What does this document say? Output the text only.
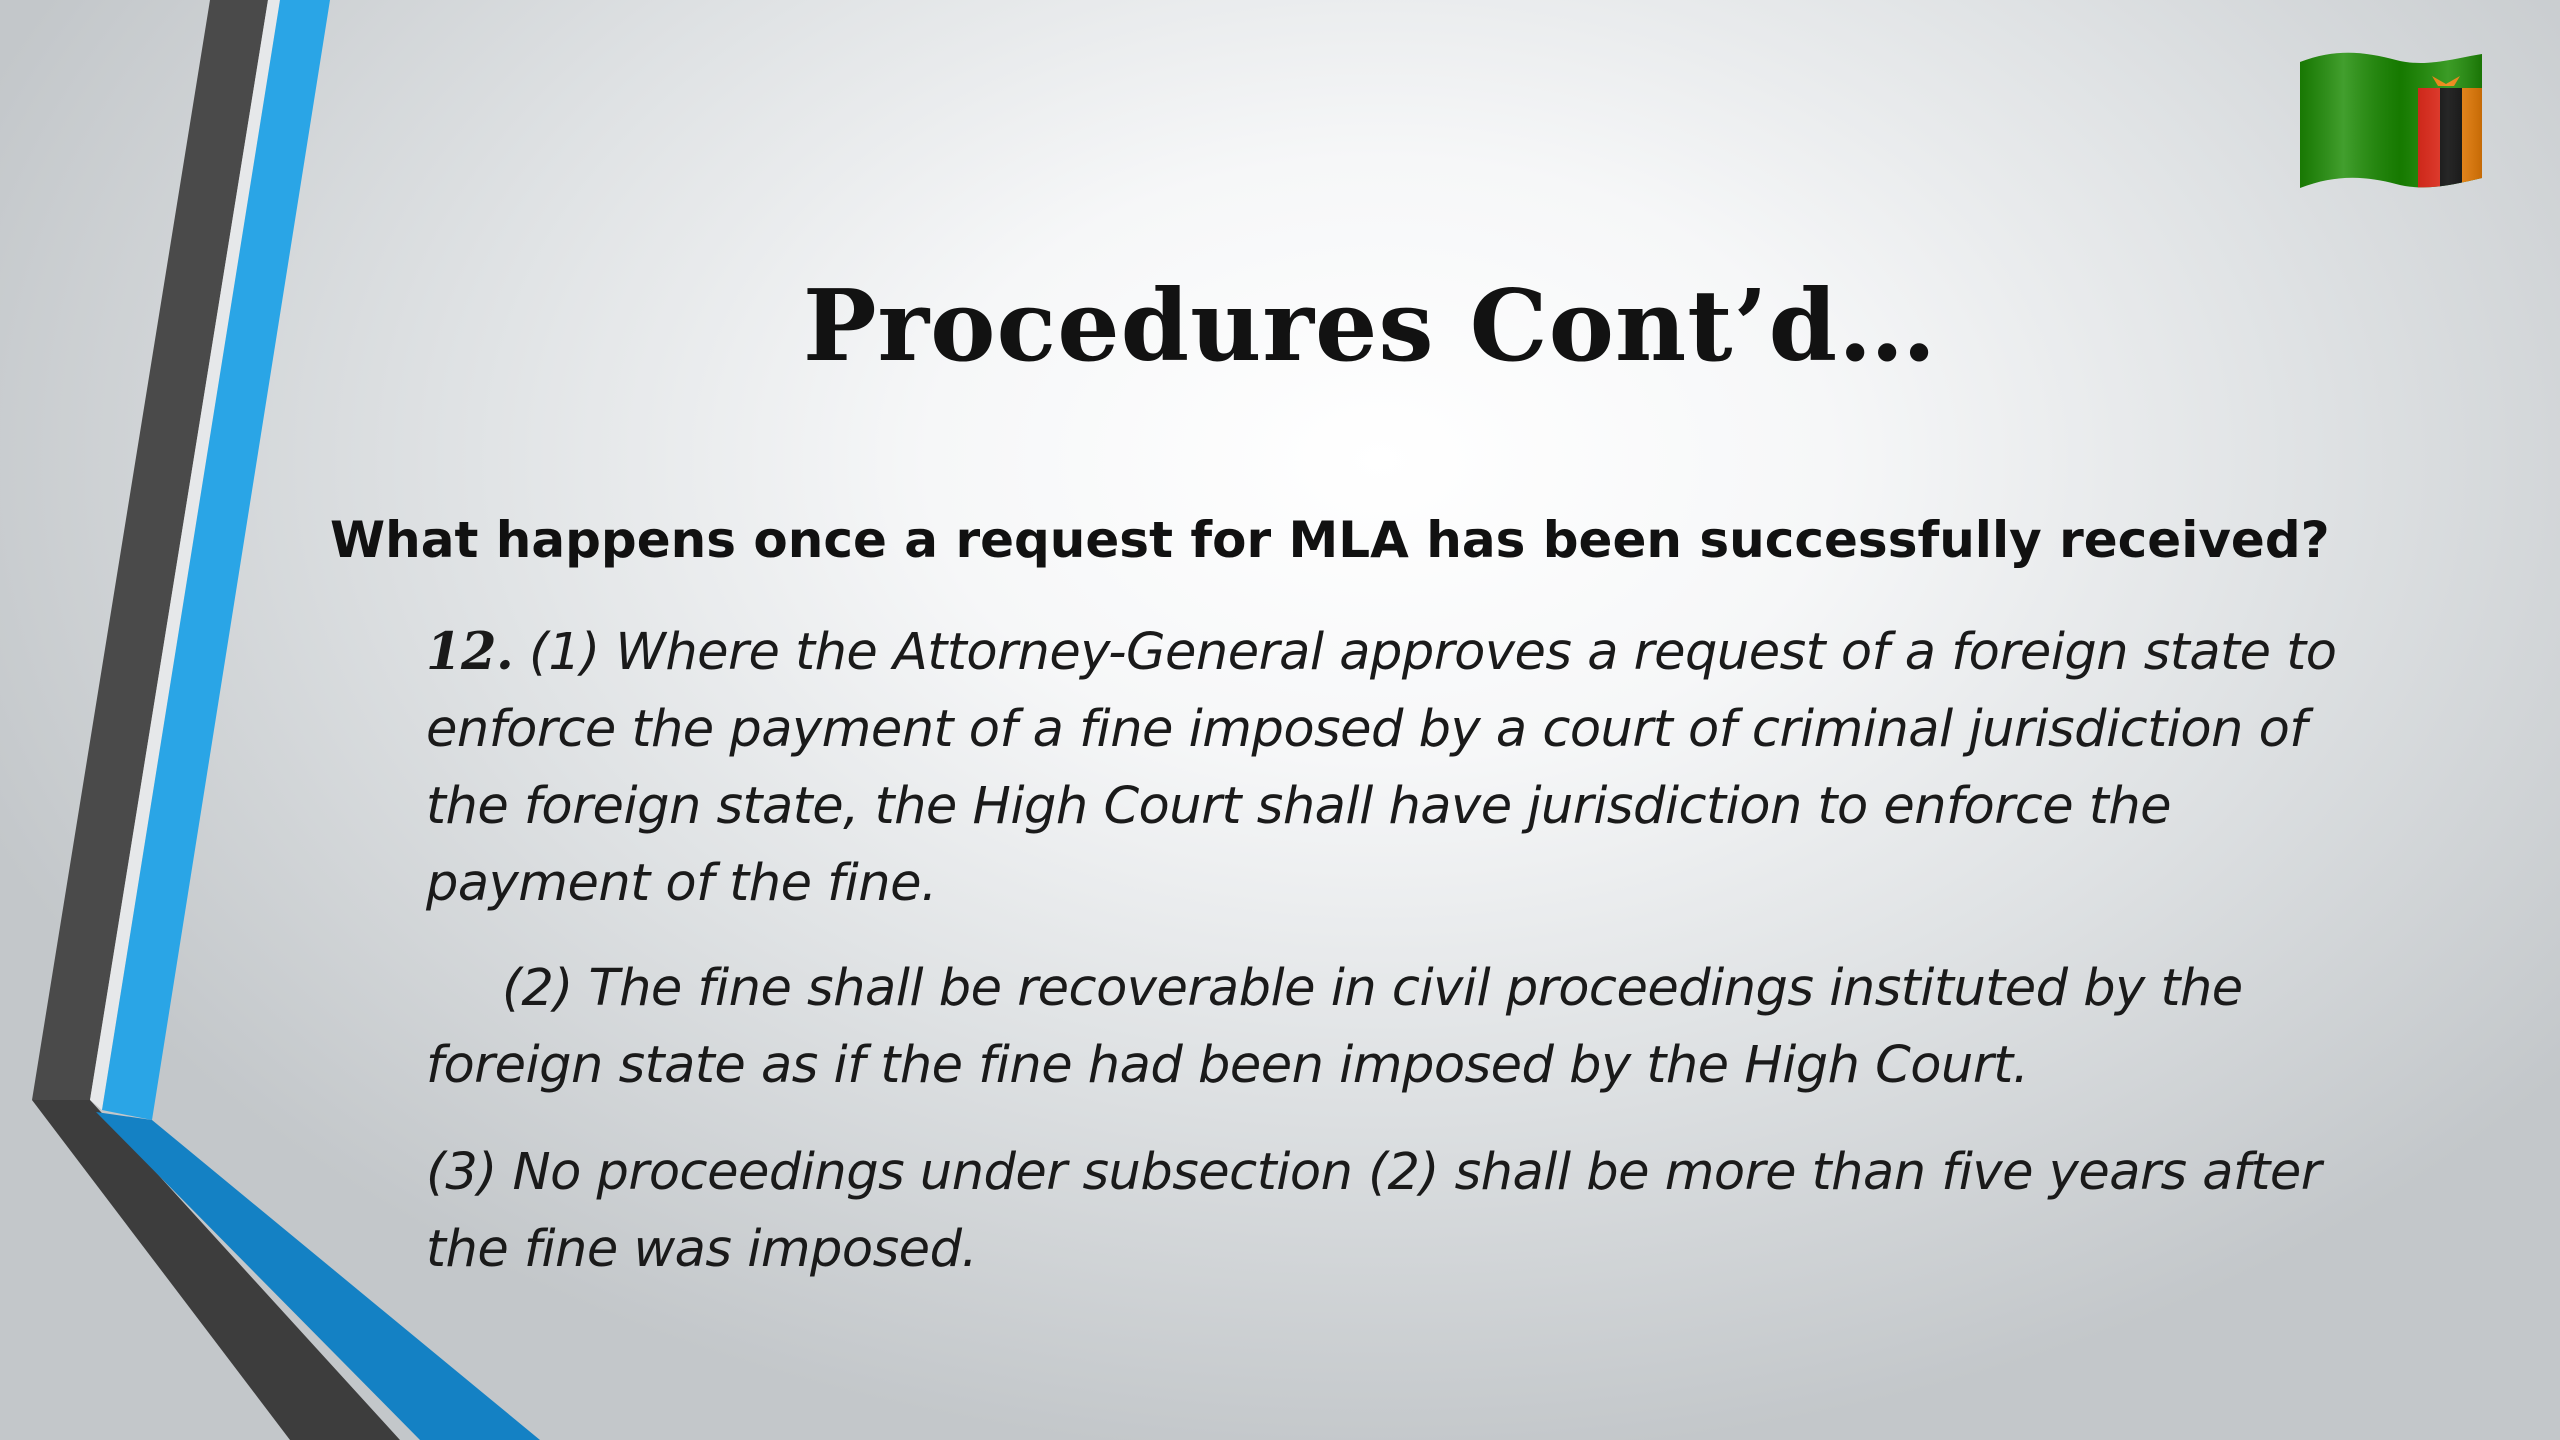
Procedures Cont’d…

What happens once a request for MLA has been successfully received?

12. (1) Where the Attorney-General approves a request of a foreign state to enforce the payment of a fine imposed by a court of criminal jurisdiction of the foreign state, the High Court shall have jurisdiction to enforce the payment of the fine.

(2) The fine shall be recoverable in civil proceedings instituted by the foreign state as if the fine had been imposed by the High Court.

(3) No proceedings under subsection (2) shall be more than five years after the fine was imposed.
